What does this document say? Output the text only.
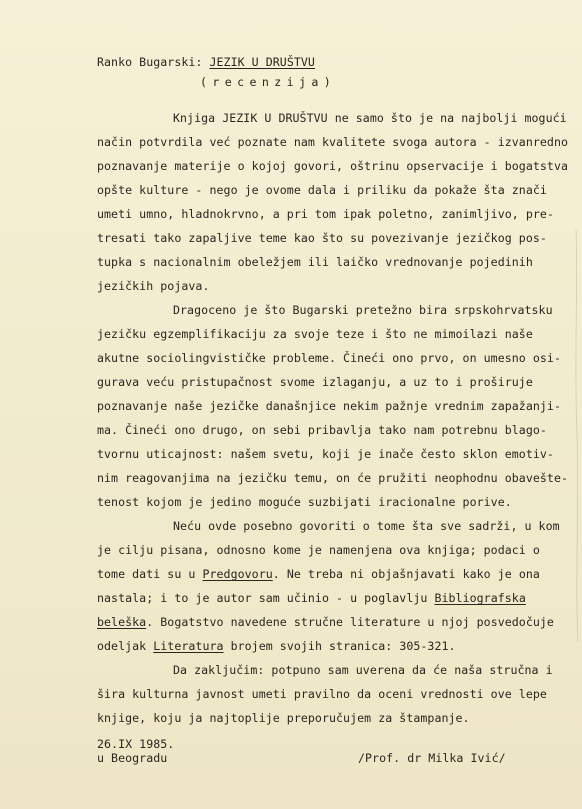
Ranko Bugarski: JEZIK U DRUŠTVU
(recenzija)
Knjiga JEZIK U DRUŠTVU ne samo što je na najbolji mogući
način potvrdila već poznate nam kvalitete svoga autora - izvanredno
poznavanje materije o kojoj govori, oštrinu opservacije i bogatstva
opšte kulture - nego je ovome dala i priliku da pokaže šta znači
umeti umno, hladnokrvno, a pri tom ipak poletno, zanimljivo, pre-
tresati tako zapaljive teme kao što su povezivanje jezičkog pos-
tupka s nacionalnim obeležjem ili laičko vrednovanje pojedinih
jezičkih pojava.
Dragoceno je što Bugarski pretežno bira srpskohrvatsku
jezičku egzemplifikaciju za svoje teze i što ne mimoilazi naše
akutne sociolingvističke probleme. Čineći ono prvo, on umesno osi-
gurava veću pristupačnost svome izlaganju, a uz to i proširuje
poznavanje naše jezičke današnjice nekim pažnje vrednim zapažanji-
ma. Čineći ono drugo, on sebi pribavlja tako nam potrebnu blago-
tvornu uticajnost: našem svetu, koji je inače često sklon emotiv-
nim reagovanjima na jezičku temu, on će pružiti neophodnu obavešte-
tenost kojom je jedino moguće suzbijati iracionalne porive.
Neću ovde posebno govoriti o tome šta sve sadrži, u kom
je cilju pisana, odnosno kome je namenjena ova knjiga; podaci o
tome dati su u Predgovoru. Ne treba ni objašnjavati kako je ona
nastala; i to je autor sam učinio - u poglavlju Bibliografska
beleška. Bogatstvo navedene stručne literature u njoj posvedočuje
odeljak Literatura brojem svojih stranica: 305-321.
Da zaključim: potpuno sam uverena da će naša stručna i
šira kulturna javnost umeti pravilno da oceni vrednosti ove lepe
knjige, koju ja najtoplije preporučujem za štampanje.
26.IX 1985.
u Beogradu	/Prof. dr Milka Ivić/
